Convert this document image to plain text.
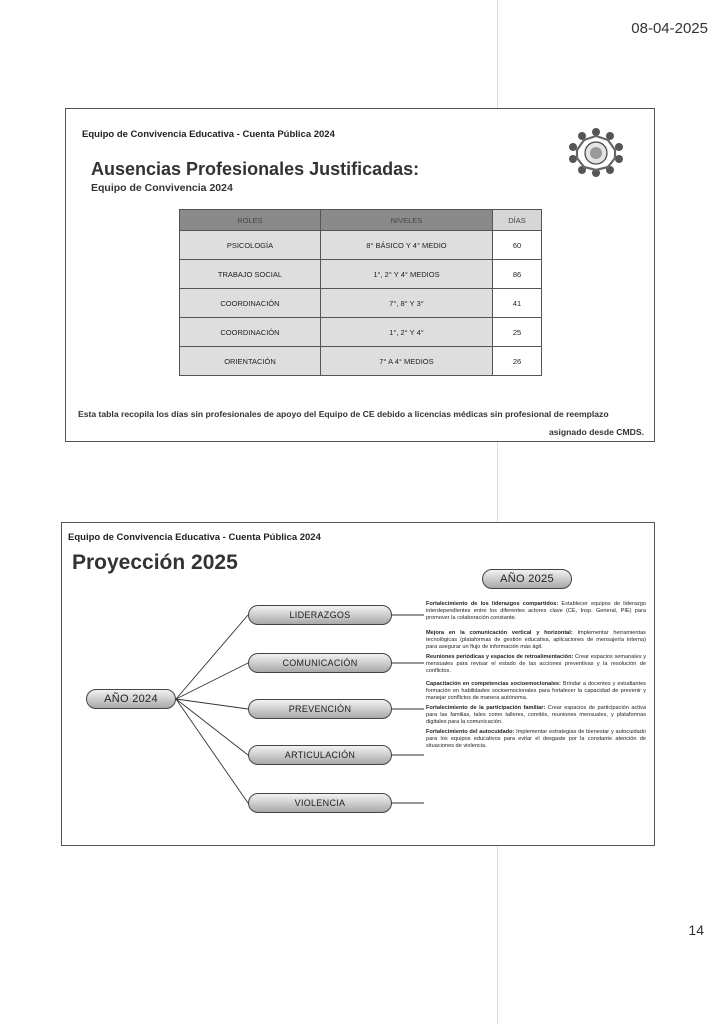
08-04-2025
Equipo de Convivencia Educativa - Cuenta Pública 2024
Ausencias Profesionales Justificadas:
Equipo de Convivencia 2024
ROLES	NIVELES	DÍAS
PSICOLOGÍA	8° BÁSICO Y 4° MEDIO	60
TRABAJO SOCIAL	1°, 2° Y 4° MEDIOS	86
COORDINACIÓN	7°, 8° Y 3°	41
COORDINACIÓN	1°, 2° Y 4°	25
ORIENTACIÓN	7° A 4° MEDIOS	26
Esta tabla recopila los días sin profesionales de apoyo del Equipo de CE debido a licencias médicas sin profesional de reemplazo
asignado desde CMDS.
Equipo de Convivencia Educativa - Cuenta Pública 2024
Proyección 2025
AÑO 2025
AÑO 2024
LIDERAZGOS
COMUNICACIÓN
PREVENCIÓN
ARTICULACIÓN
VIOLENCIA
Fortalecimiento de los liderazgos compartidos: Establecer equipos de liderazgo interdependientes entre los diferentes actores clave (CE, Insp. General, PIE) para promover la colaboración constante.
Mejora en la comunicación vertical y horizontal: Implementar herramientas tecnológicas (plataformas de gestión educativa, aplicaciones de mensajería interna) para asegurar un flujo de información más ágil.
Reuniones periódicas y espacios de retroalimentación: Crear espacios semanales y mensuales para revisar el estado de las acciones preventivas y la resolución de conflictos.
Capacitación en competencias socioemocionales: Brindar a docentes y estudiantes formación en habilidades socioemocionales para fortalecer la capacidad de prevenir y manejar conflictos de manera autónoma.
Fortalecimiento de la participación familiar: Crear espacios de participación activa para las familias, tales como talleres, comités, reuniones mensuales, y plataformas digitales para la comunicación.
Fortalecimiento del autocuidado: Implementar estrategias de bienestar y autocuidado para los equipos educativos para evitar el desgaste por la constante atención de situaciones de violencia.
14
